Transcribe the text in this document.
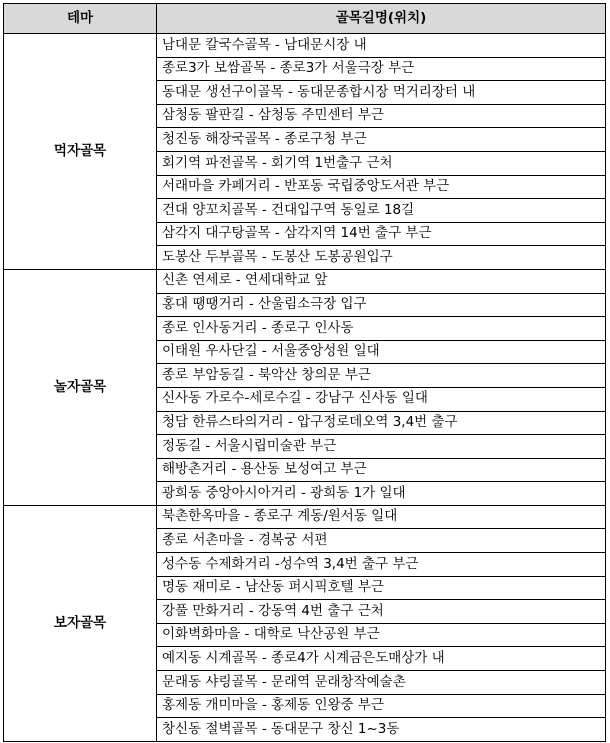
테마	골목길명(위치)
먹자골목	남대문 칼국수골목 - 남대문시장 내
	종로3가 보쌈골목 - 종로3가 서울극장 부근
	동대문 생선구이골목 - 동대문종합시장 먹거리장터 내
	삼청동 팔판길 - 삼청동 주민센터 부근
	청진동 해장국골목 - 종로구청 부근
	회기역 파전골목 - 회기역 1번출구 근처
	서래마을 카페거리 - 반포동 국립중앙도서관 부근
	건대 양꼬치골목 - 건대입구역 동일로 18길
	삼각지 대구탕골목 - 삼각지역 14번 출구 부근
	도봉산 두부골목 - 도봉산 도봉공원입구
놀자골목	신촌 연세로 - 연세대학교 앞
	홍대 땡땡거리 - 산울림소극장 입구
	종로 인사동거리 - 종로구 인사동
	이태원 우사단길 - 서울중앙성원 일대
	종로 부암동길 - 북악산 창의문 부근
	신사동 가로수-세로수길 - 강남구 신사동 일대
	청담 한류스타의거리 - 압구정로데오역 3,4번 출구
	정동길 - 서울시립미술관 부근
	해방촌거리 - 용산동 보성여고 부근
	광희동 중앙아시아거리 - 광희동 1가 일대
보자골목	북촌한옥마을 - 종로구 계동/원서동 일대
	종로 서촌마을 - 경복궁 서편
	성수동 수제화거리 -성수역 3,4번 출구 부근
	명동 재미로 - 남산동 퍼시픽호텔 부근
	강풀 만화거리 - 강동역 4번 출구 근처
	이화벽화마을 - 대학로 낙산공원 부근
	예지동 시계골목 - 종로4가 시계금은도매상가 내
	문래동 샤링골목 - 문래역 문래창작예술촌
	홍제동 개미마을 - 홍제동 인왕중 부근
	창신동 절벽골목 - 동대문구 창신 1~3동
